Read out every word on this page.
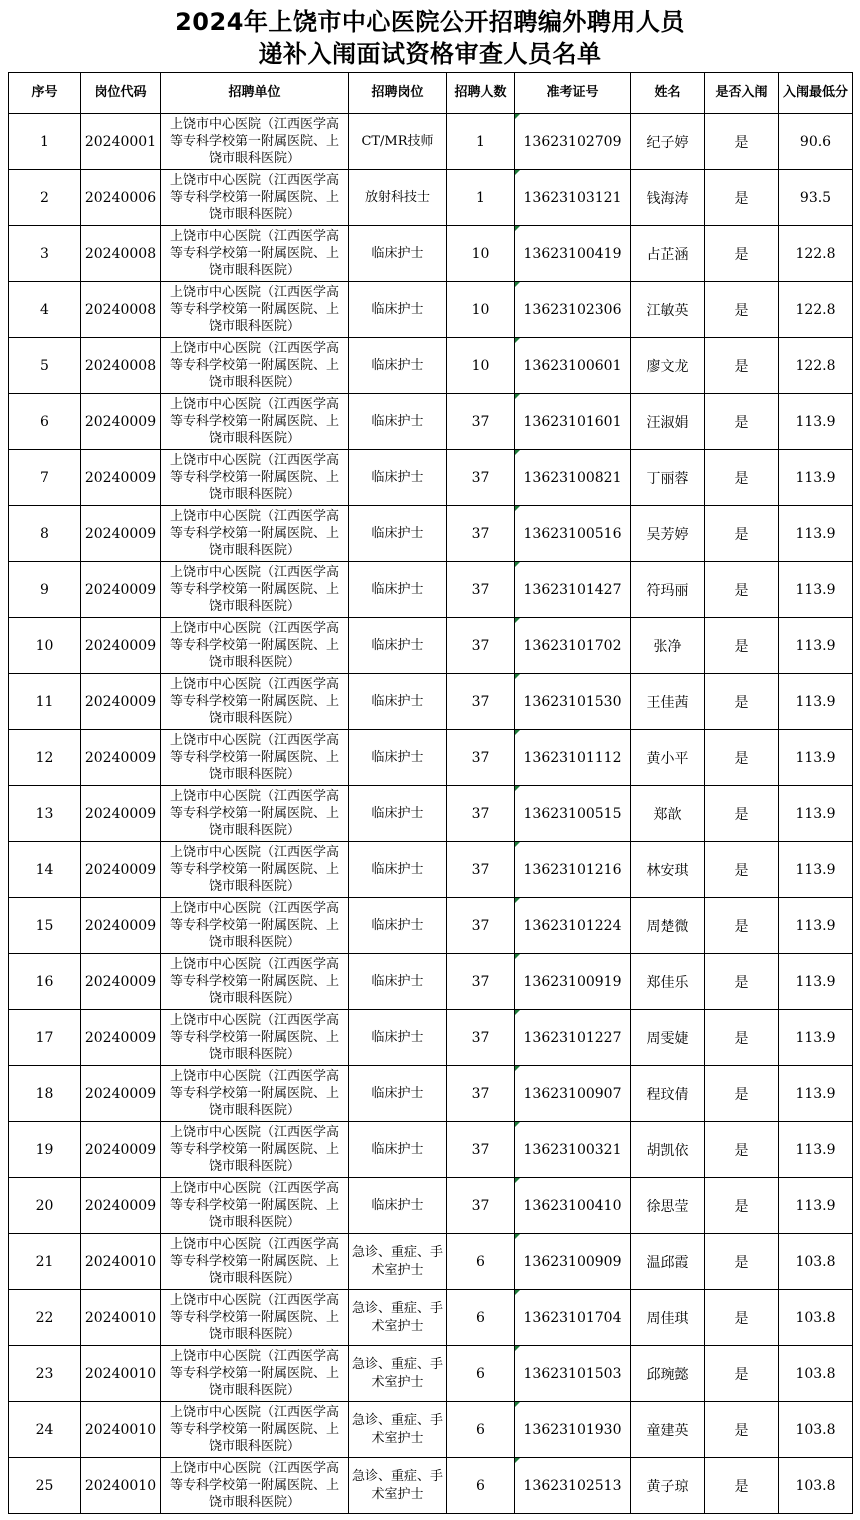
2024年上饶市中心医院公开招聘编外聘用人员
递补入闱面试资格审查人员名单
序号	岗位代码	招聘单位	招聘岗位	招聘人数	准考证号	姓名	是否入闱	入闱最低分
1	20240001	上饶市中心医院（江西医学高等专科学校第一附属医院、上饶市眼科医院）	CT/MR技师	1	13623102709	纪子婷	是	90.6
2	20240006	上饶市中心医院（江西医学高等专科学校第一附属医院、上饶市眼科医院）	放射科技士	1	13623103121	钱海涛	是	93.5
3	20240008	上饶市中心医院（江西医学高等专科学校第一附属医院、上饶市眼科医院）	临床护士	10	13623100419	占芷涵	是	122.8
4	20240008	上饶市中心医院（江西医学高等专科学校第一附属医院、上饶市眼科医院）	临床护士	10	13623102306	江敏英	是	122.8
5	20240008	上饶市中心医院（江西医学高等专科学校第一附属医院、上饶市眼科医院）	临床护士	10	13623100601	廖文龙	是	122.8
6	20240009	上饶市中心医院（江西医学高等专科学校第一附属医院、上饶市眼科医院）	临床护士	37	13623101601	汪淑娟	是	113.9
7	20240009	上饶市中心医院（江西医学高等专科学校第一附属医院、上饶市眼科医院）	临床护士	37	13623100821	丁丽蓉	是	113.9
8	20240009	上饶市中心医院（江西医学高等专科学校第一附属医院、上饶市眼科医院）	临床护士	37	13623100516	吴芳婷	是	113.9
9	20240009	上饶市中心医院（江西医学高等专科学校第一附属医院、上饶市眼科医院）	临床护士	37	13623101427	符玛丽	是	113.9
10	20240009	上饶市中心医院（江西医学高等专科学校第一附属医院、上饶市眼科医院）	临床护士	37	13623101702	张净	是	113.9
11	20240009	上饶市中心医院（江西医学高等专科学校第一附属医院、上饶市眼科医院）	临床护士	37	13623101530	王佳茜	是	113.9
12	20240009	上饶市中心医院（江西医学高等专科学校第一附属医院、上饶市眼科医院）	临床护士	37	13623101112	黄小平	是	113.9
13	20240009	上饶市中心医院（江西医学高等专科学校第一附属医院、上饶市眼科医院）	临床护士	37	13623100515	郑歆	是	113.9
14	20240009	上饶市中心医院（江西医学高等专科学校第一附属医院、上饶市眼科医院）	临床护士	37	13623101216	林安琪	是	113.9
15	20240009	上饶市中心医院（江西医学高等专科学校第一附属医院、上饶市眼科医院）	临床护士	37	13623101224	周楚微	是	113.9
16	20240009	上饶市中心医院（江西医学高等专科学校第一附属医院、上饶市眼科医院）	临床护士	37	13623100919	郑佳乐	是	113.9
17	20240009	上饶市中心医院（江西医学高等专科学校第一附属医院、上饶市眼科医院）	临床护士	37	13623101227	周雯婕	是	113.9
18	20240009	上饶市中心医院（江西医学高等专科学校第一附属医院、上饶市眼科医院）	临床护士	37	13623100907	程玟倩	是	113.9
19	20240009	上饶市中心医院（江西医学高等专科学校第一附属医院、上饶市眼科医院）	临床护士	37	13623100321	胡凯依	是	113.9
20	20240009	上饶市中心医院（江西医学高等专科学校第一附属医院、上饶市眼科医院）	临床护士	37	13623100410	徐思莹	是	113.9
21	20240010	上饶市中心医院（江西医学高等专科学校第一附属医院、上饶市眼科医院）	急诊、重症、手术室护士	6	13623100909	温邱霞	是	103.8
22	20240010	上饶市中心医院（江西医学高等专科学校第一附属医院、上饶市眼科医院）	急诊、重症、手术室护士	6	13623101704	周佳琪	是	103.8
23	20240010	上饶市中心医院（江西医学高等专科学校第一附属医院、上饶市眼科医院）	急诊、重症、手术室护士	6	13623101503	邱琬懿	是	103.8
24	20240010	上饶市中心医院（江西医学高等专科学校第一附属医院、上饶市眼科医院）	急诊、重症、手术室护士	6	13623101930	童建英	是	103.8
25	20240010	上饶市中心医院（江西医学高等专科学校第一附属医院、上饶市眼科医院）	急诊、重症、手术室护士	6	13623102513	黄子琼	是	103.8
